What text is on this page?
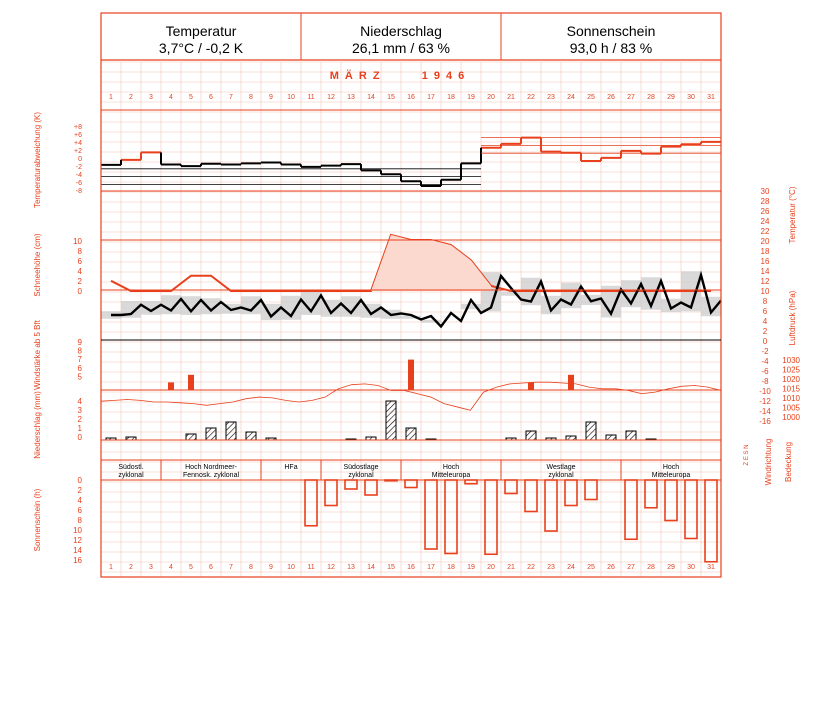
Temperatur
3,7°C / -0,2 K
Niederschlag
26,1 mm / 63 %
Sonnenschein
93,0 h / 83 %
MÄRZ    1946
1
1
2
2
3
3
4
4
5
5
6
6
7
7
8
8
9
9
10
10
11
11
12
12
13
13
14
14
15
15
16
16
17
17
18
18
19
19
20
20
21
21
22
22
23
23
24
24
25
25
26
26
27
27
28
28
29
29
30
30
31
31
Temperaturabweichung (K)
Schneehöhe (cm)
Windstärke ab 5 Bft
Niederschlag (mm)
Sonnenschein (h)
+8
+6
+4
+2
0
-2
-4
-6
-8
10
8
6
4
2
0
9
8
7
6
5
4
3
2
1
0
0
2
4
6
8
10
12
14
16
30
28
26
24
22
20
18
16
14
12
10
8
6
4
2
0
-2
-4
-6
-8
-10
-12
-14
-16
1030
1025
1020
1015
1010
1005
1000
Temperatur (°C)
Luftdruck (hPa)
Windrichtung Bedeckung
Z E S N
Südostl.
zyklonal
Hoch Nordmeer-
Fennosk. zyklonal
HFa	Südostlage
zyklonal
Hoch
Mitteleuropa
Westlage
zyklonal
Hoch
Mitteleuropa
